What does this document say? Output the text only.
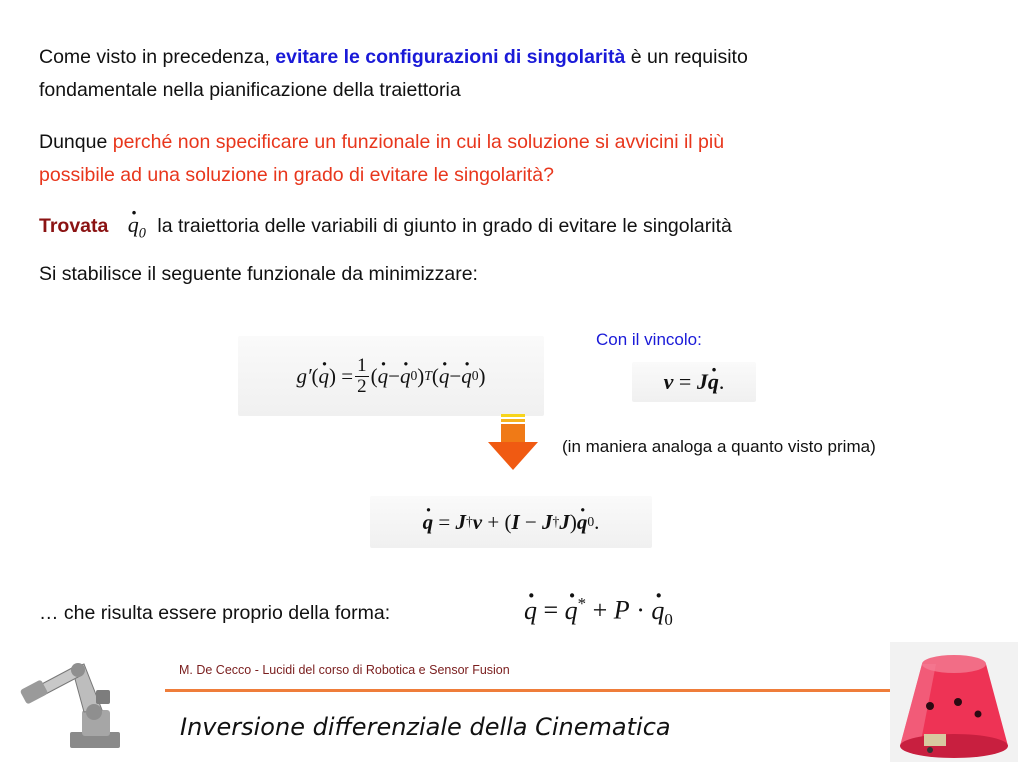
Come visto in precedenza, evitare le configurazioni di singolarità è un requisito
fondamentale nella pianificazione della traiettoria

Dunque perché non specificare un funzionale in cui la soluzione si avvicini il più
possibile ad una soluzione in grado di evitare le singolarità?

Trovata · $q_0$ la traiettoria delle variabili di giunto in grado di evitare le singolarità

Si stabilisce il seguente funzionale da minimizzare:

g′ ( · q ) = $\frac{1}{2}$ ( · q − · q 0 ) T ( · q − · q 0 )

Con il vincolo:

v = J · q .

(in maniera analoga a quanto visto prima)

· q = J † v + ( I − J † J ) · q 0 .

… che risulta essere proprio della forma:	· q = · q* + P · · $q_0$

M. De Cecco - Lucidi del corso di Robotica e Sensor Fusion

Inversione differenziale della Cinematica
